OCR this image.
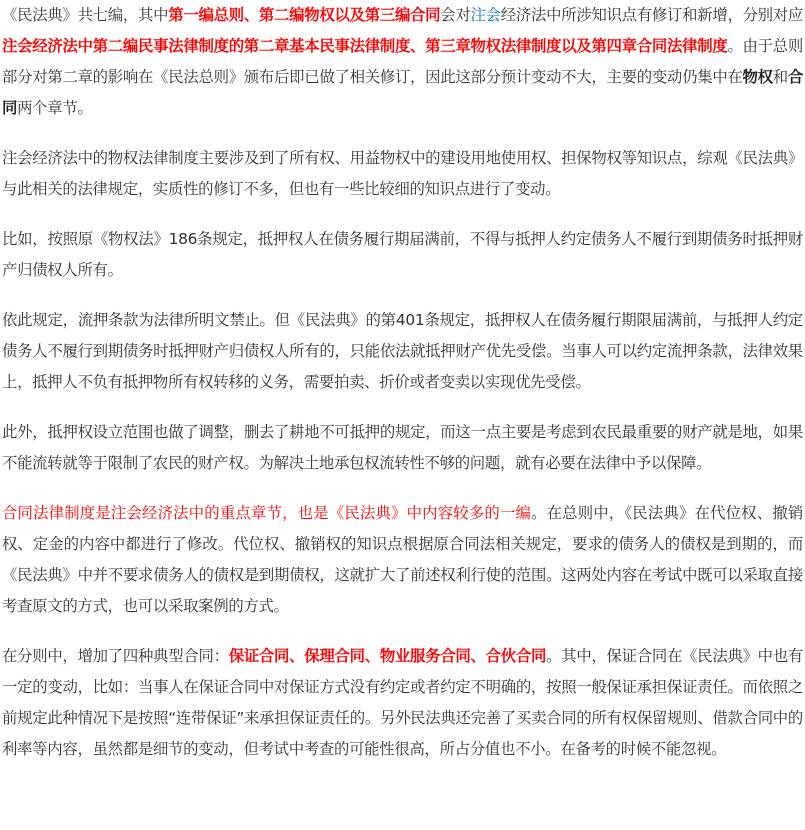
《民法典》共七编，其中第一编总则、第二编物权以及第三编合同会对注会经济法中所涉知识点有修订和新增，分别对应注会经济法中第二编民事法律制度的第二章基本民事法律制度、第三章物权法律制度以及第四章合同法律制度。由于总则部分对第二章的影响在《民法总则》颁布后即已做了相关修订，因此这部分预计变动不大，主要的变动仍集中在物权和合同两个章节。

注会经济法中的物权法律制度主要涉及到了所有权、用益物权中的建设用地使用权、担保物权等知识点，综观《民法典》与此相关的法律规定，实质性的修订不多，但也有一些比较细的知识点进行了变动。

比如，按照原《物权法》186条规定，抵押权人在债务履行期届满前，不得与抵押人约定债务人不履行到期债务时抵押财产归债权人所有。

依此规定，流押条款为法律所明文禁止。但《民法典》的第401条规定，抵押权人在债务履行期限届满前，与抵押人约定债务人不履行到期债务时抵押财产归债权人所有的，只能依法就抵押财产优先受偿。当事人可以约定流押条款，法律效果上，抵押人不负有抵押物所有权转移的义务，需要拍卖、折价或者变卖以实现优先受偿。

此外，抵押权设立范围也做了调整，删去了耕地不可抵押的规定，而这一点主要是考虑到农民最重要的财产就是地，如果不能流转就等于限制了农民的财产权。为解决土地承包权流转性不够的问题，就有必要在法律中予以保障。

合同法律制度是注会经济法中的重点章节，也是《民法典》中内容较多的一编。在总则中，《民法典》在代位权、撤销权、定金的内容中都进行了修改。代位权、撤销权的知识点根据原合同法相关规定，要求的债务人的债权是到期的，而《民法典》中并不要求债务人的债权是到期债权，这就扩大了前述权利行使的范围。这两处内容在考试中既可以采取直接考查原文的方式，也可以采取案例的方式。

在分则中，增加了四种典型合同：保证合同、保理合同、物业服务合同、合伙合同。其中，保证合同在《民法典》中也有一定的变动，比如：当事人在保证合同中对保证方式没有约定或者约定不明确的，按照一般保证承担保证责任。而依照之前规定此种情况下是按照“连带保证”来承担保证责任的。另外民法典还完善了买卖合同的所有权保留规则、借款合同中的利率等内容，虽然都是细节的变动，但考试中考查的可能性很高，所占分值也不小。在备考的时候不能忽视。
